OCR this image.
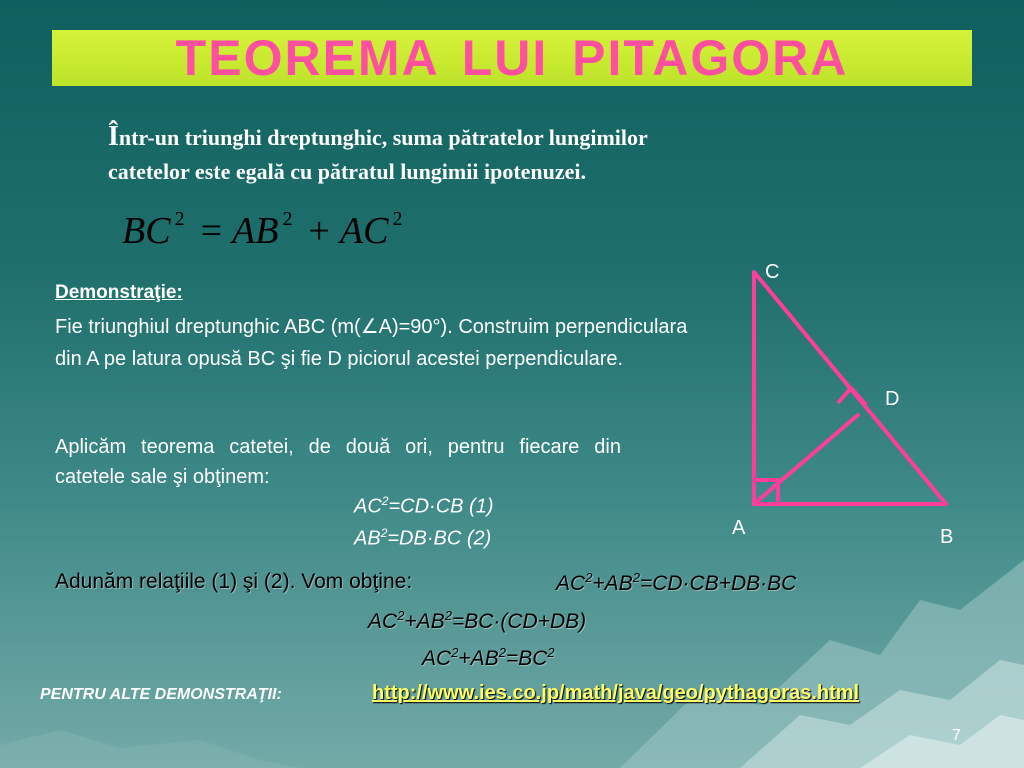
TEOREMA LUI PITAGORA
Într-un triunghi dreptunghic, suma pătratelor lungimilor
catetelor este egală cu pătratul lungimii ipotenuzei.
BC $^2$ = AB $^2$ + AC $^2$
Demonstraţie:
Fie triunghiul dreptunghic ABC (m(∠A)=90°). Construim perpendiculara din A pe latura opusă BC şi fie D piciorul acestei perpendiculare.
Aplicăm teorema catetei, de două ori, pentru fiecare din catetele sale şi obţinem:
$AC^2=CD\cdot CB$ (1)
$AB^2=DB\cdot BC$ (2)
Adunăm relaţiile (1) şi (2). Vom obţine:	$AC^2+AB^2=CD\cdot CB+DB\cdot BC$
$AC^2+AB^2=BC\cdot(CD+DB)$
$AC^2+AB^2=BC^2$
PENTRU ALTE DEMONSTRAŢII:	http://www.ies.co.jp/math/java/geo/pythagoras.html
C
D
A	B
7
